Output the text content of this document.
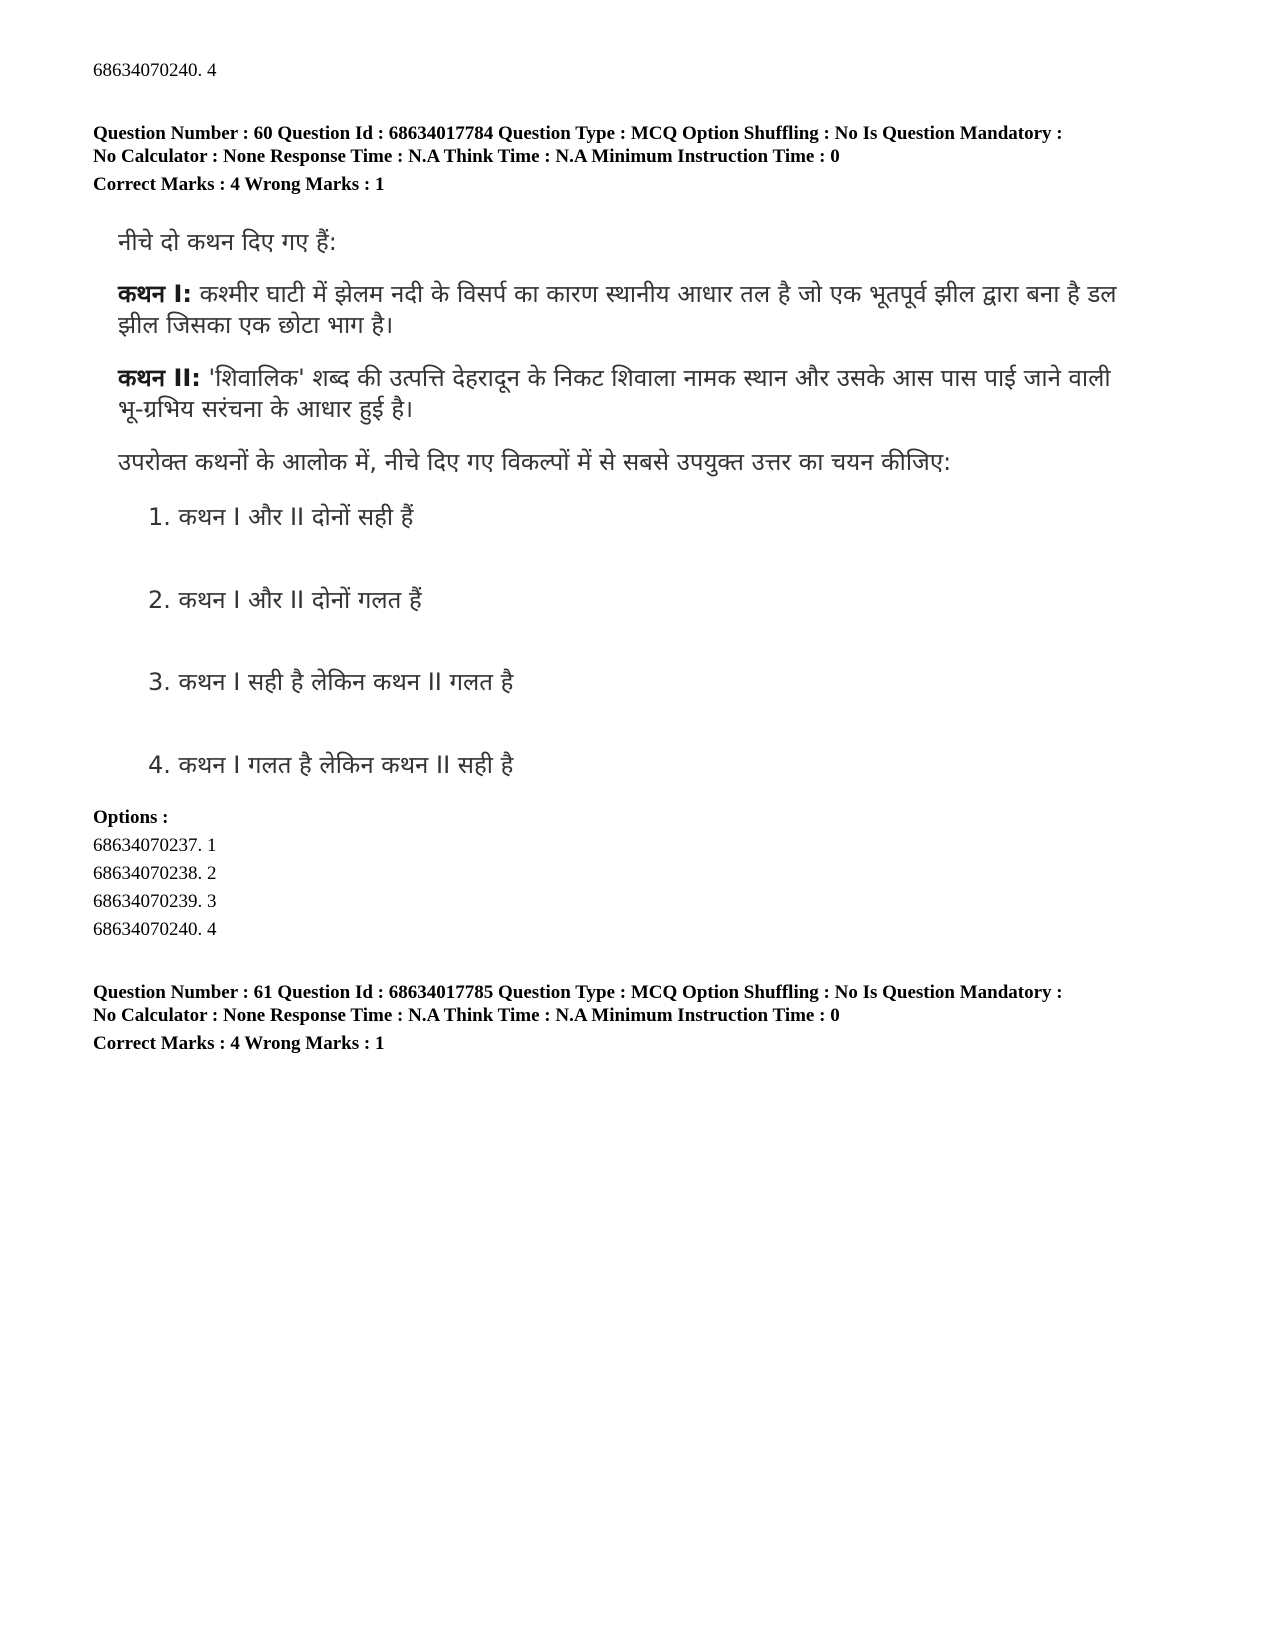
68634070240. 4
Question Number : 60 Question Id : 68634017784 Question Type : MCQ Option Shuffling : No Is Question Mandatory :
No Calculator : None Response Time : N.A Think Time : N.A Minimum Instruction Time : 0
Correct Marks : 4 Wrong Marks : 1
नीचे दो कथन दिए गए हैं:
कथन I: कश्मीर घाटी में झेलम नदी के विसर्प का कारण स्थानीय आधार तल है जो एक भूतपूर्व झील द्वारा बना है डल
झील जिसका एक छोटा भाग है।
कथन II: 'शिवालिक' शब्द की उत्पत्ति देहरादून के निकट शिवाला नामक स्थान और उसके आस पास पाई जाने वाली
भू-ग्रभिय सरंचना के आधार हुई है।
उपरोक्त कथनों के आलोक में, नीचे दिए गए विकल्पों में से सबसे उपयुक्त उत्तर का चयन कीजिए:
1. कथन I और II दोनों सही हैं
2. कथन I और II दोनों गलत हैं
3. कथन I सही है लेकिन कथन II गलत है
4. कथन I गलत है लेकिन कथन II सही है
Options :
68634070237. 1
68634070238. 2
68634070239. 3
68634070240. 4
Question Number : 61 Question Id : 68634017785 Question Type : MCQ Option Shuffling : No Is Question Mandatory :
No Calculator : None Response Time : N.A Think Time : N.A Minimum Instruction Time : 0
Correct Marks : 4 Wrong Marks : 1
